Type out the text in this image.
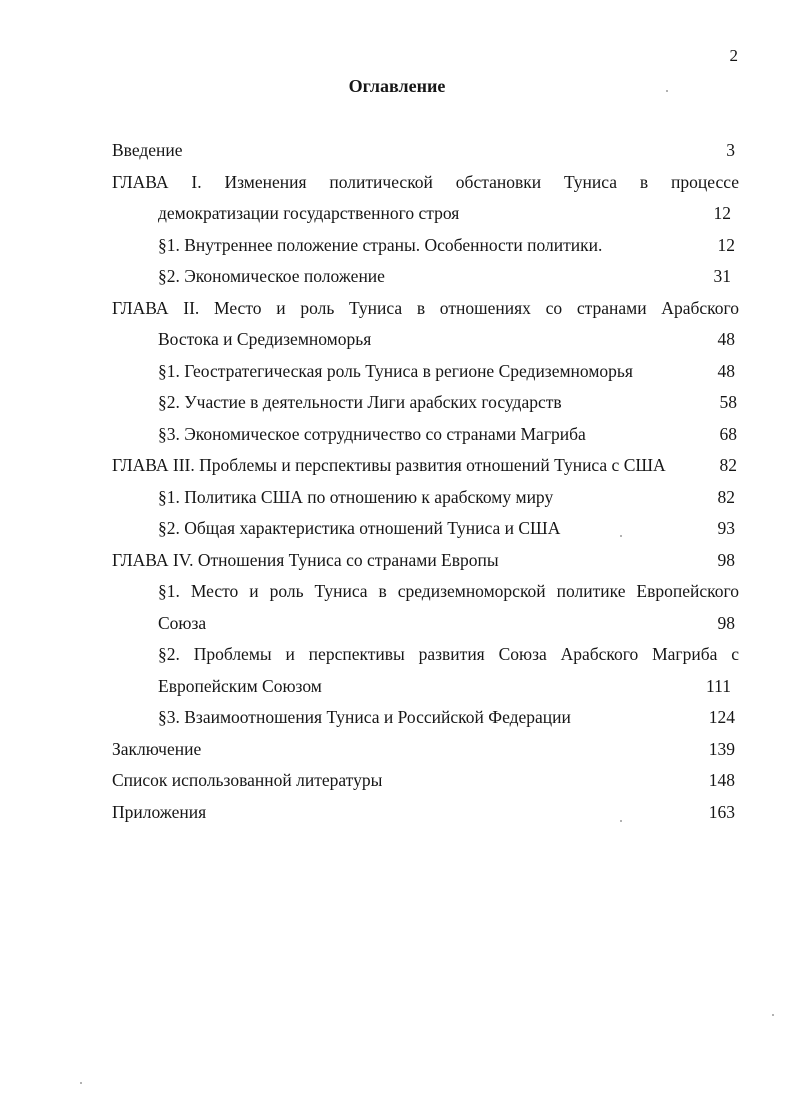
2
Оглавление
Введение	3
ГЛАВА I. Изменения политической обстановки Туниса в процессе
демократизации государственного строя	12
§1. Внутреннее положение страны. Особенности политики.	12
§2. Экономическое положение	31
ГЛАВА II. Место и роль Туниса в отношениях со странами Арабского
Востока и Средиземноморья	48
§1. Геостратегическая роль Туниса в регионе Средиземноморья	48
§2. Участие в деятельности Лиги арабских государств	58
§3. Экономическое сотрудничество со странами Магриба	68
ГЛАВА III. Проблемы и перспективы развития отношений Туниса с США	82
§1. Политика США по отношению к арабскому миру	82
§2. Общая характеристика отношений Туниса и США	93
ГЛАВА IV. Отношения Туниса со странами Европы	98
§1. Место и роль Туниса в средиземноморской политике Европейского
Союза	98
§2. Проблемы и перспективы развития Союза Арабского Магриба с
Европейским Союзом	111
§3. Взаимоотношения Туниса и Российской Федерации	124
Заключение	139
Список использованной литературы	148
Приложения	163
